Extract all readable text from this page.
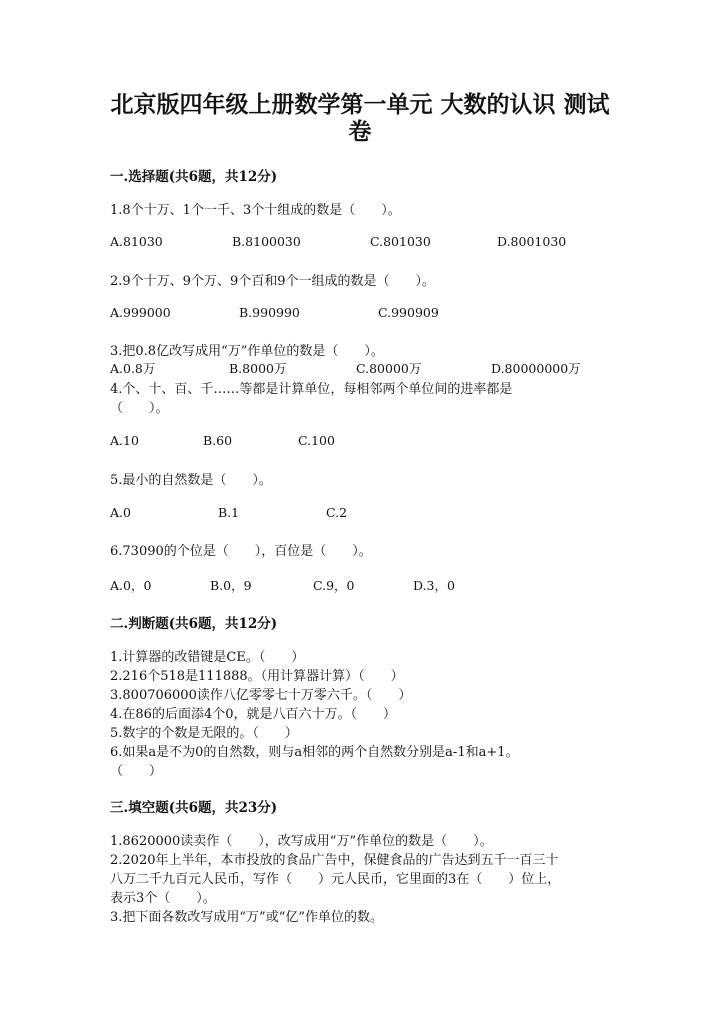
北京版四年级上册数学第一单元 大数的认识 测试
卷
一.选择题(共6题，共12分)
1.8个十万、1个一千、3个十组成的数是（　　）。
A.81030	B.8100030	C.801030	D.8001030
2.9个十万、9个万、9个百和9个一组成的数是（　　）。
A.999000	B.990990	C.990909
3.把0.8亿改写成用“万”作单位的数是（　　）。
A.0.8万	B.8000万	C.80000万	D.80000000万
4.个、十、百、千……等都是计算单位，每相邻两个单位间的进率都是
（　　）。
A.10	B.60	C.100
5.最小的自然数是（　　）。
A.0	B.1	C.2
6.73090的个位是（　　），百位是（　　）。
A.0，0	B.0，9	C.9，0	D.3，0
二.判断题(共6题，共12分)
1.计算器的改错键是CE。（　　）
2.216个518是111888。（用计算器计算）（　　）
3.800706000读作八亿零零七十万零六千。（　　）
4.在86的后面添4个0，就是八百六十万。（　　）
5.数字的个数是无限的。（　　）
6.如果a是不为0的自然数，则与a相邻的两个自然数分别是a-1和a+1。
（　　）
三.填空题(共6题，共23分)
1.8620000读卖作（　　），改写成用“万”作单位的数是（　　）。
2.2020年上半年，本市投放的食品广告中，保健食品的广告达到五千一百三十
八万二千九百元人民币，写作（　　）元人民币，它里面的3在（　　）位上，
表示3个（　　）。
3.把下面各数改写成用“万”或“亿”作单位的数。
